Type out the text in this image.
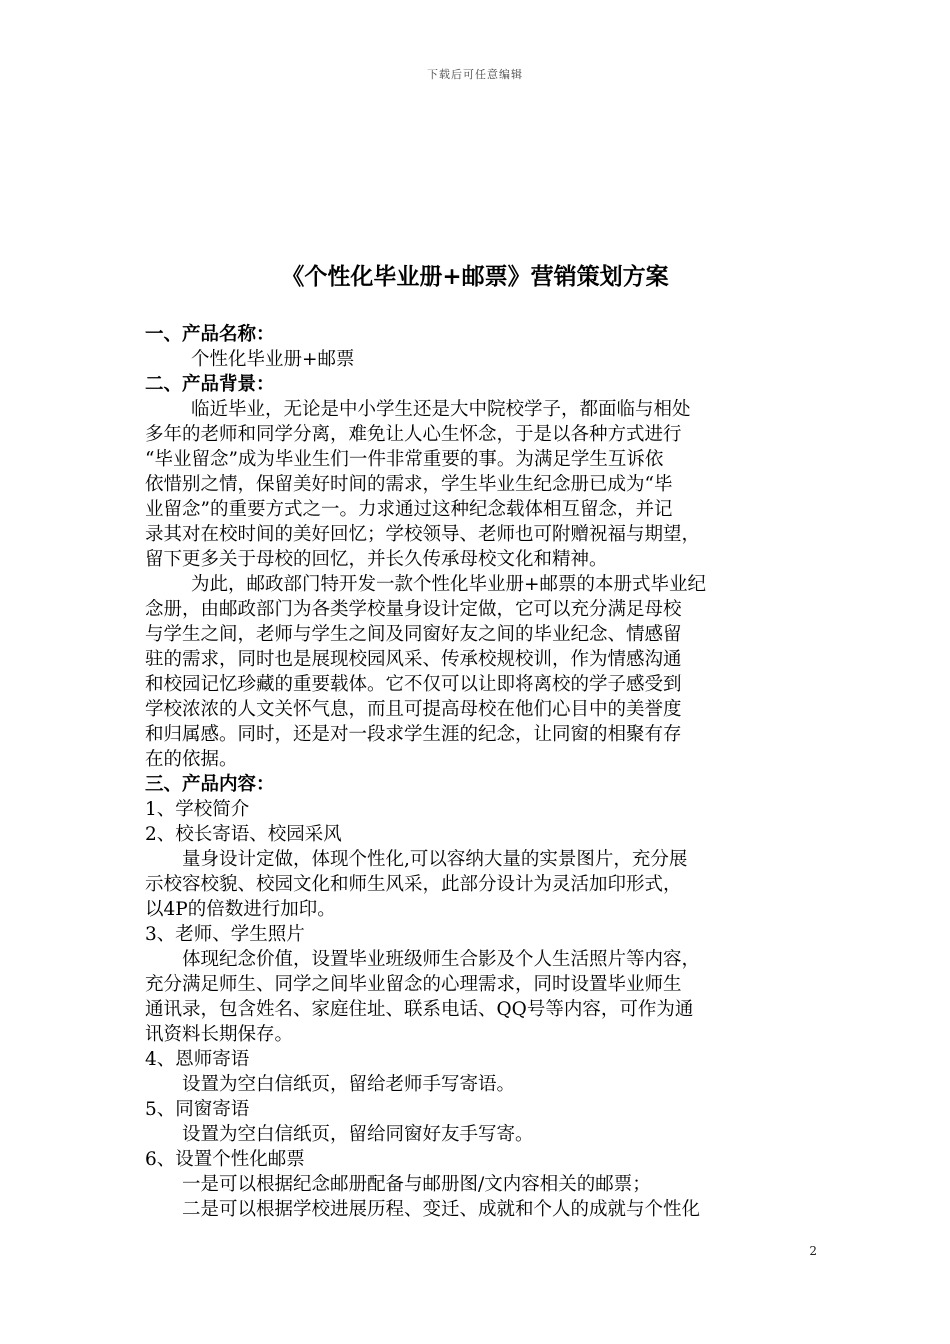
下载后可任意编辑
《个性化毕业册+邮票》营销策划方案
一、产品名称：
个性化毕业册+邮票
二、产品背景：
临近毕业，无论是中小学生还是大中院校学子，都面临与相处
多年的老师和同学分离，难免让人心生怀念，于是以各种方式进行
“毕业留念”成为毕业生们一件非常重要的事。为满足学生互诉依
依惜别之情，保留美好时间的需求，学生毕业生纪念册已成为“毕
业留念”的重要方式之一。力求通过这种纪念载体相互留念，并记
录其对在校时间的美好回忆；学校领导、老师也可附赠祝福与期望，
留下更多关于母校的回忆，并长久传承母校文化和精神。
为此，邮政部门特开发一款个性化毕业册+邮票的本册式毕业纪
念册，由邮政部门为各类学校量身设计定做，它可以充分满足母校
与学生之间，老师与学生之间及同窗好友之间的毕业纪念、情感留
驻的需求，同时也是展现校园风采、传承校规校训，作为情感沟通
和校园记忆珍藏的重要载体。它不仅可以让即将离校的学子感受到
学校浓浓的人文关怀气息，而且可提高母校在他们心目中的美誉度
和归属感。同时，还是对一段求学生涯的纪念，让同窗的相聚有存
在的依据。
三、产品内容：
1、学校简介
2、校长寄语、校园采风
量身设计定做，体现个性化,可以容纳大量的实景图片，充分展
示校容校貌、校园文化和师生风采，此部分设计为灵活加印形式，
以4P的倍数进行加印。
3、老师、学生照片
体现纪念价值，设置毕业班级师生合影及个人生活照片等内容，
充分满足师生、同学之间毕业留念的心理需求，同时设置毕业师生
通讯录，包含姓名、家庭住址、联系电话、QQ号等内容，可作为通
讯资料长期保存。
4、恩师寄语
设置为空白信纸页，留给老师手写寄语。
5、同窗寄语
设置为空白信纸页，留给同窗好友手写寄。
6、设置个性化邮票
一是可以根据纪念邮册配备与邮册图/文内容相关的邮票；
二是可以根据学校进展历程、变迁、成就和个人的成就与个性化
2
